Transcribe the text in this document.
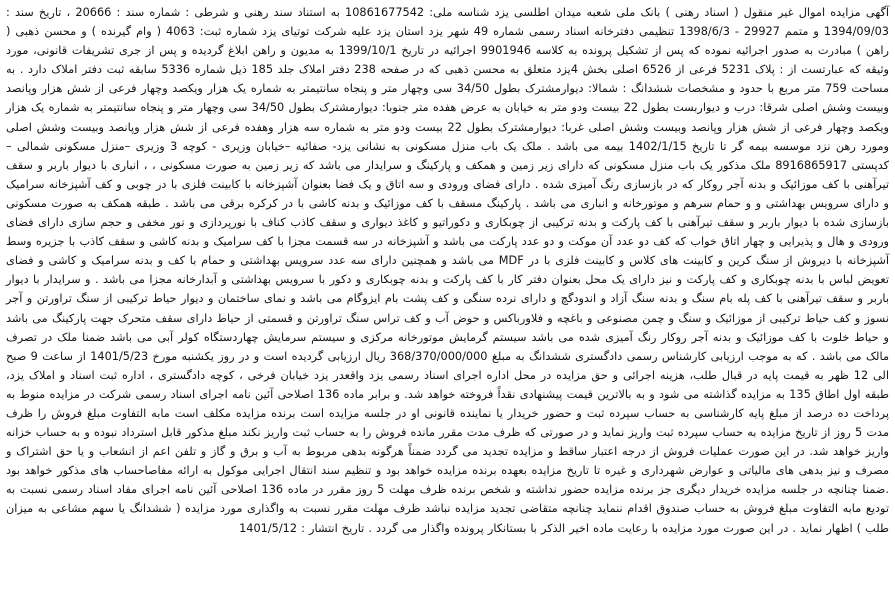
آگهی مزایده اموال غیر منقول ( اسناد رهنی ) بانک ملی شعبه میدان اطلسی یزد شناسه ملی: 10861677542 به استناد سند رهنی و شرطی : شماره سند : 20666 ، تاریخ سند : 1394/09/03 و متمم 29927 - 1398/6/3 تنظیمی دفترخانه اسناد رسمی شماره 49 شهر یزد استان یزد علیه شرکت توتیای یزد شماره ثبت: 4063 ( وام گیرنده ) و محسن ذهبی ( راهن ) مبادرت به صدور اجرائیه نموده که پس از تشکیل پرونده به کلاسه 9901946 اجرائیه در تاریخ 1399/10/1 به مدیون و راهن ابلاغ گردیده و پس از جری تشریفات قانونی، مورد وثیقه که عبارتست از : پلاک 5231 فرعی از 6526 اصلی بخش 4یزد متعلق به محسن ذهبی که در صفحه 238 دفتر املاک جلد 185 ذیل شماره 5336 سابقه ثبت دفتر املاک دارد . به مساحت 759 متر مربع با حدود و مشخصات ششدانگ : شمالا: دیوارمشترک بطول 34/50 سی وچهار متر و پنجاه سانتیمتر به شماره یک هزار ویکصد وچهار فرعی از شش هزار وپانصد وبیست وشش اصلی شرقا: درب و دیواربست بطول 22 بیست ودو متر به خیابان به عرض هفده متر جنوبا: دیوارمشترک بطول 34/50 سی وچهار متر و پنجاه سانتیمتر به شماره یک هزار ویکصد وچهار فرعی از شش هزار وپانصد وبیست وشش اصلی غربا: دیوارمشترک بطول 22 بیست ودو متر به شماره سه هزار وهفده فرعی از شش هزار وپانصد وبیست وشش اصلی ومورد رهن نزد موسسه بیمه گر تا تاریخ 1402/1/15 بیمه می باشد . ملک یک باب منزل مسکونی به نشانی یزد- صفائیه –خیابان وزیری - کوچه 3 وزیری –منزل مسکونی شمالی – کدپستی 8916865917 ملک مذکور یک باب منزل مسکونی که دارای زیر زمین و همکف و پارکینگ و سرایدار می باشد که زیر زمین به صورت مسکونی ، ، انباری با دیوار باربر و سقف تیرآهنی با کف موزائیک و بدنه آجر روکار که در بازسازی رنگ آمیزی شده . دارای فضای ورودی و سه اتاق و یک فضا بعنوان آشپزخانه با کابینت فلزی با در چوبی و کف آشپزخانه سرامیک و دارای سرویس بهداشتی و و حمام سرهم و موتورخانه و انباری می باشد . پارکینگ مسقف با کف موزائیک و بدنه کاشی با در کرکره برقی می باشد . طبقه همکف به صورت مسکونی بازسازی شده با دیوار باربر و سقف تیرآهنی با کف پارکت و بدنه ترکیبی از چوبکاری و دکوراتیو و کاغذ دیواری و سقف کاذب کناف با نورپردازی و نور مخفی و حجم سازی دارای فضای ورودی و هال و پذیرایی و چهار اتاق خواب که کف دو عدد آن موکت و دو عدد پارکت می باشد و آشپزخانه در سه قسمت مجزا با کف سرامیک و بدنه کاشی و سقف کاذب با جزیره وسط آشپزخانه با دیروش از سنگ کرین و کابینت های کلاس و کابینت فلزی با در MDF می باشد و همچنین دارای سه عدد سرویس بهداشتی و حمام با کف و بدنه سرامیک و کاشی و فضای تعویض لباس با بدنه چوبکاری و کف پارکت و نیز دارای یک محل بعنوان دفتر کار با کف پارکت و بدنه چوبکاری و دکور با سرویس بهداشتی و آبدارخانه مجزا می باشد . و سرایدار با دیوار باربر و سقف تیرآهنی با کف پله بام سنگ و بدنه سنگ آزاد و اندودگچ و دارای نرده سنگی و کف پشت بام ایزوگام می باشد و نمای ساختمان و دیوار حیاط ترکیبی از سنگ تراورتن و آجر نسوز و کف حیاط ترکیبی از موزائیک و سنگ و چمن مصنوعی و باغچه و فلاورباکس و حوض آب و کف تراس سنگ تراورتن و قسمتی از حیاط دارای سقف متحرک جهت پارکینگ می باشد و حیاط خلوت با کف موزائیک و بدنه آجر روکار رنگ آمیزی شده می باشد سیستم گرمایش موتورخانه مرکزی و سیستم سرمایش چهاردستگاه کولر آبی می باشد ضمنا ملک در تصرف مالک می باشد . که به موجب ارزیابی کارشناس رسمی دادگستری ششدانگ به مبلغ 368/370/000/000 ریال ارزیابی گردیده است و در روز یکشنبه مورخ 1401/5/23 از ساعت 9 صبح الی 12 ظهر به قیمت پایه در قبال طلب، هزینه اجرائی و حق مزایده در محل اداره اجرای اسناد رسمی یزد واقعدر یزد خیابان فرخی ، کوچه دادگستری ، اداره ثبت اسناد و املاک یزد، طبقه اول اطاق 135 به مزایده گذاشته می شود و به بالاترین قیمت پیشنهادی نقداً فروخته خواهد شد. و برابر ماده 136 اصلاحی آئین نامه اجرای اسناد رسمی شرکت در مزایده منوط به پرداخت ده درصد از مبلغ پایه کارشناسی به حساب سپرده ثبت و حضور خریدار یا نماینده قانونی او در جلسه مزایده است برنده مزایده مکلف است مابه التفاوت مبلغ فروش را ظرف مدت 5 روز از تاریخ مزایده به حساب سپرده ثبت واریز نماید و در صورتی که ظرف مدت مقرر مانده فروش را به حساب ثبت واریز نکند مبلغ مذکور قابل استرداد نبوده و به حساب خزانه واریز خواهد شد. در این صورت عملیات فروش از درجه اعتبار ساقط و مزایده تجدید می گردد ضمناً هرگونه بدهی مربوط به آب و برق و گاز و تلفن اعم از انشعاب و یا حق اشتراک و مصرف و نیز بدهی های مالیاتی و عوارض شهرداری و غیره تا تاریخ مزایده بعهده برنده مزایده خواهد بود و تنظیم سند انتقال اجرایی موکول به ارائه مفاصاحساب های مذکور خواهد بود .ضمنا چنانچه در جلسه مزایده خریدار دیگری جز برنده مزایده حضور نداشته و شخص برنده ظرف مهلت 5 روز مقرر در ماده 136 اصلاحی آئین نامه اجرای مفاد اسناد رسمی نسبت به تودیع مابه التفاوت مبلغ فروش به حساب صندوق اقدام ننماید چنانچه متقاضی تجدید مزایده نباشد ظرف مهلت مقرر نسبت به واگذاری مورد مزایده ( ششدانگ یا سهم مشاعی به میزان طلب ) اظهار نماید . در این صورت مورد مزایده با رعایت ماده اخیر الذکر با بستانکار پرونده واگذار می گردد . تاریخ انتشار : 1401/5/12
